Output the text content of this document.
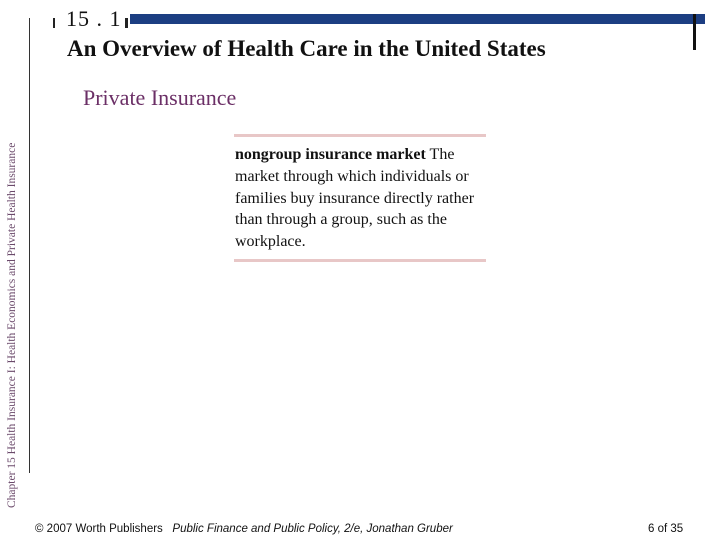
Chapter 15 Health Insurance I: Health Economics and Private Health Insurance
15 . 1
An Overview of Health Care in the United States
Private Insurance
nongroup insurance market The market through which individuals or families buy insurance directly rather than through a group, such as the workplace.
© 2007 Worth Publishers Public Finance and Public Policy, 2/e, Jonathan Gruber	6 of 35
